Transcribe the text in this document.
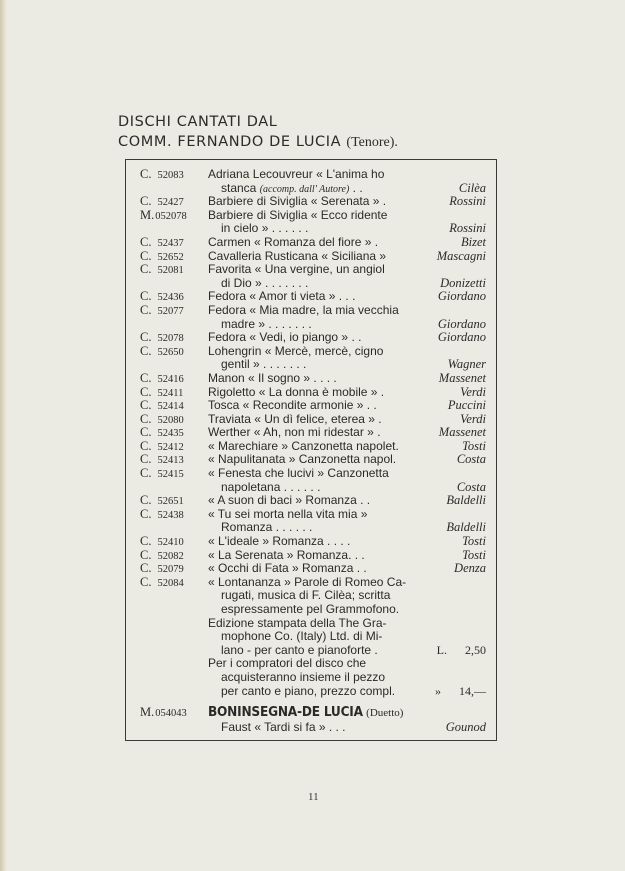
DISCHI CANTATI DAL
COMM. FERNANDO DE LUCIA (Tenore).
C. 52083	Adriana Lecouvreur « L'anima ho
stanca (accomp. dall' Autore) . .	Cilèa
C. 52427	Barbiere di Siviglia « Serenata » .	Rossini
M.052078	Barbiere di Siviglia « Ecco ridente
in cielo » . . . . . .	Rossini
C. 52437	Carmen « Romanza del fiore » .	Bizet
C. 52652	Cavalleria Rusticana « Siciliana »	Mascagni
C. 52081	Favorita « Una vergine, un angiol
di Dio » . . . . . . .	Donizetti
C. 52436	Fedora « Amor ti vieta » . . .	Giordano
C. 52077	Fedora « Mia madre, la mia vecchia
madre » . . . . . . .	Giordano
C. 52078	Fedora « Vedi, io piango » . .	Giordano
C. 52650	Lohengrin « Mercè, mercè, cigno
gentil » . . . . . . .	Wagner
C. 52416	Manon « Il sogno » . . . .	Massenet
C. 52411	Rigoletto « La donna è mobile » .	Verdi
C. 52414	Tosca « Recondite armonie » . .	Puccini
C. 52080	Traviata « Un dì felice, eterea » .	Verdi
C. 52435	Werther « Ah, non mi ridestar » .	Massenet
C. 52412	« Marechiare » Canzonetta napolet.	Tosti
C. 52413	« Napulitanata » Canzonetta napol.	Costa
C. 52415	« Fenesta che lucivi » Canzonetta
napoletana . . . . . .	Costa
C. 52651	« A suon di baci » Romanza . .	Baldelli
C. 52438	« Tu sei morta nella vita mia »
Romanza . . . . . .	Baldelli
C. 52410	« L'ideale » Romanza . . . .	Tosti
C. 52082	« La Serenata » Romanza. . .	Tosti
C. 52079	« Occhi di Fata » Romanza . .	Denza
C. 52084	« Lontananza » Parole di Romeo Ca-
rugati, musica di F. Cilèa; scritta
espressamente pel Grammofono.
Edizione stampata della The Gra-
mophone Co. (Italy) Ltd. di Mi-
lano - per canto e pianoforte .	L. 2,50
Per i compratori del disco che
acquisteranno insieme il pezzo
per canto e piano, prezzo compl.	» 14,—
M.054043	BONINSEGNA-DE LUCIA (Duetto)
Faust « Tardi si fa » . . .	Gounod
11
